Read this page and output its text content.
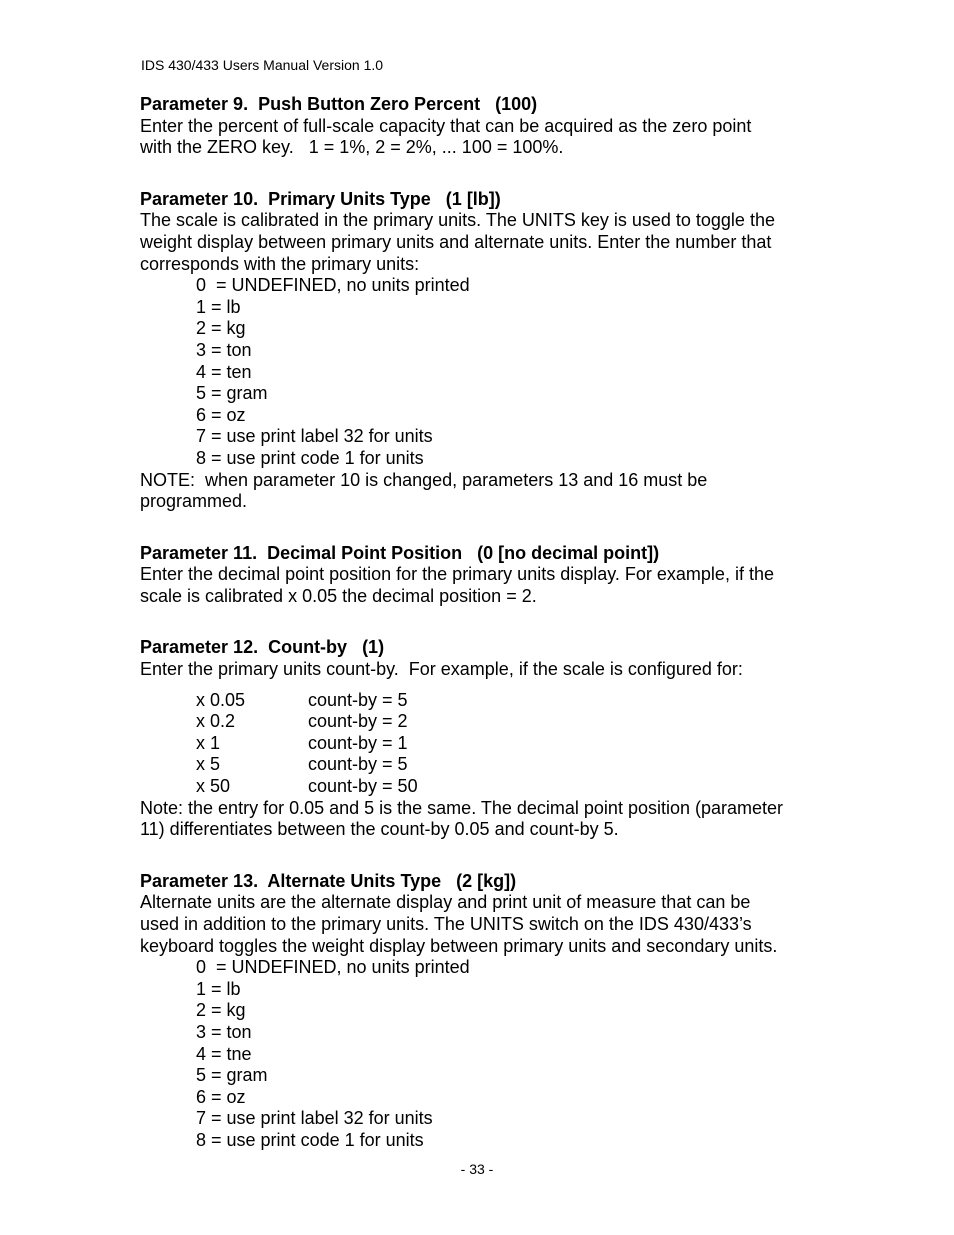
IDS 430/433 Users Manual Version 1.0

Parameter 9.  Push Button Zero Percent   (100)

Enter the percent of full-scale capacity that can be acquired as the zero point

with the ZERO key.   1 = 1%, 2 = 2%, ... 100 = 100%.

Parameter 10.  Primary Units Type   (1 [lb])

The scale is calibrated in the primary units. The UNITS key is used to toggle the

weight display between primary units and alternate units. Enter the number that

corresponds with the primary units:

0  = UNDEFINED, no units printed
1 = lb
2 = kg
3 = ton
4 = ten
5 = gram
6 = oz
7 = use print label 32 for units
8 = use print code 1 for units

NOTE:  when parameter 10 is changed, parameters 13 and 16 must be

programmed.

Parameter 11.  Decimal Point Position   (0 [no decimal point])

Enter the decimal point position for the primary units display. For example, if the

scale is calibrated x 0.05 the decimal position = 2.

Parameter 12.  Count-by   (1)

Enter the primary units count-by.  For example, if the scale is configured for:

x 0.05	count-by = 5
x 0.2	count-by = 2
x 1	count-by = 1
x 5	count-by = 5
x 50	count-by = 50

Note: the entry for 0.05 and 5 is the same. The decimal point position (parameter

11) differentiates between the count-by 0.05 and count-by 5.

Parameter 13.  Alternate Units Type   (2 [kg])

Alternate units are the alternate display and print unit of measure that can be

used in addition to the primary units. The UNITS switch on the IDS 430/433’s

keyboard toggles the weight display between primary units and secondary units.

0  = UNDEFINED, no units printed
1 = lb
2 = kg
3 = ton
4 = tne
5 = gram
6 = oz
7 = use print label 32 for units
8 = use print code 1 for units
- 33 -
